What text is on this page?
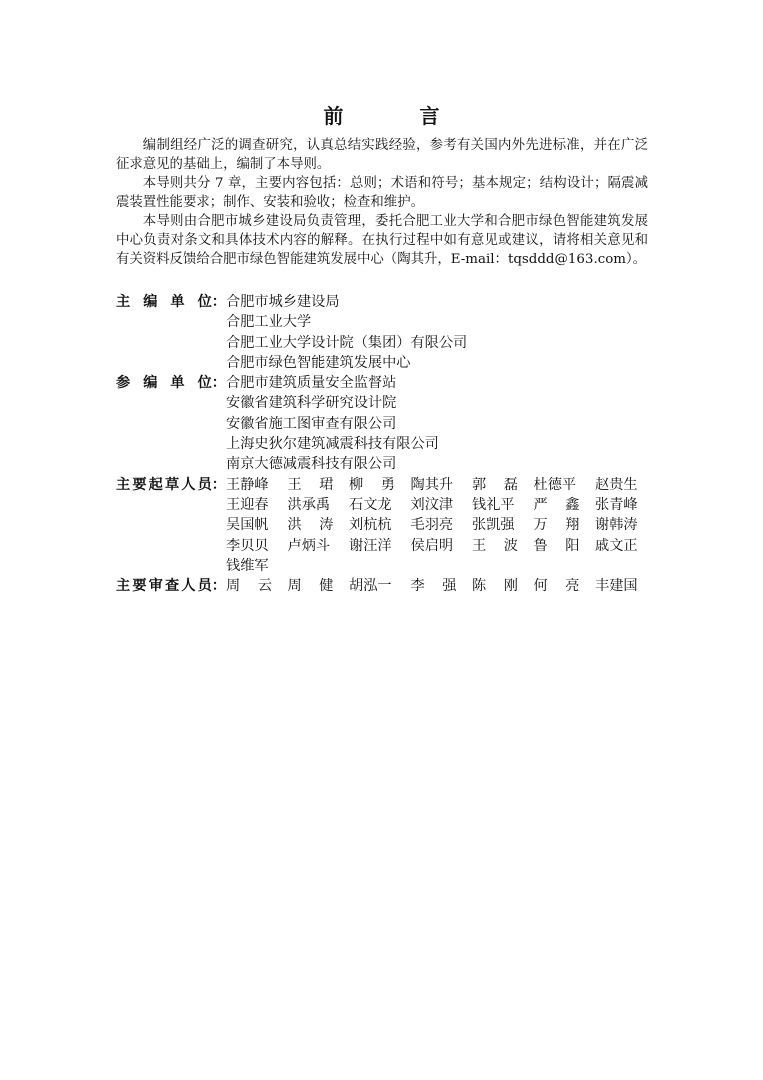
前　言

编制组经广泛的调查研究，认真总结实践经验，参考有关国内外先进标准，并在广泛征求意见的基础上，编制了本导则。

本导则共分 7 章，主要内容包括：总则；术语和符号；基本规定；结构设计；隔震减震装置性能要求；制作、安装和验收；检查和维护。

本导则由合肥市城乡建设局负责管理，委托合肥工业大学和合肥市绿色智能建筑发展中心负责对条文和具体技术内容的解释。在执行过程中如有意见或建议，请将相关意见和有关资料反馈给合肥市绿色智能建筑发展中心（陶其升，E-mail：tqsddd@163.com）。

主 编 单 位 ： 合肥市城乡建设局
合肥工业大学
合肥工业大学设计院（集团）有限公司
合肥市绿色智能建筑发展中心
参 编 单 位 ： 合肥市建筑质量安全监督站
安徽省建筑科学研究设计院
安徽省施工图审查有限公司
上海史狄尔建筑减震科技有限公司
南京大德减震科技有限公司
主 要 起 草 人 员 ： 王静峰 王 珺 柳 勇 陶其升 郭 磊 杜德平 赵贵生
王迎春 洪承禹 石文龙 刘汶津 钱礼平 严 鑫 张青峰
吴国帆 洪 涛 刘杭杭 毛羽亮 张凯强 万 翔 谢韩涛
李贝贝 卢炳斗 谢汪洋 侯启明 王 波 鲁 阳 戚文正
钱维军
主 要 审 查 人 员 ： 周 云 周 健 胡泓一 李 强 陈 刚 何 亮 丰建国
